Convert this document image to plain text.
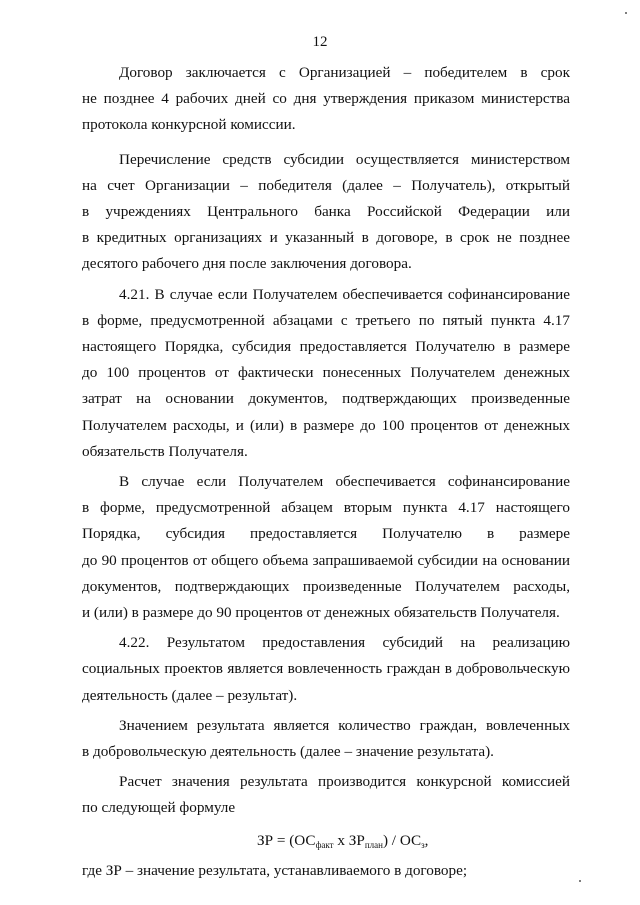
12

Договор заключается с Организацией – победителем в срок
не позднее 4 рабочих дней со дня утверждения приказом министерства
протокола конкурсной комиссии.

Перечисление средств субсидии осуществляется министерством
на счет Организации – победителя (далее – Получатель), открытый
в учреждениях Центрального банка Российской Федерации или
в кредитных организациях и указанный в договоре, в срок не позднее
десятого рабочего дня после заключения договора.

4.21. В случае если Получателем обеспечивается софинансирование
в форме, предусмотренной абзацами с третьего по пятый пункта 4.17
настоящего Порядка, субсидия предоставляется Получателю в размере
до 100 процентов от фактически понесенных Получателем денежных
затрат на основании документов, подтверждающих произведенные
Получателем расходы, и (или) в размере до 100 процентов от денежных
обязательств Получателя.

В случае если Получателем обеспечивается софинансирование
в форме, предусмотренной абзацем вторым пункта 4.17 настоящего
Порядка, субсидия предоставляется Получателю в размере
до 90 процентов от общего объема запрашиваемой субсидии на основании
документов, подтверждающих произведенные Получателем расходы,
и (или) в размере до 90 процентов от денежных обязательств Получателя.

4.22. Результатом предоставления субсидий на реализацию
социальных проектов является вовлеченность граждан в добровольческую
деятельность (далее – результат).

Значением результата является количество граждан, вовлеченных
в добровольческую деятельность (далее – значение результата).

Расчет значения результата производится конкурсной комиссией
по следующей формуле

ЗР = ($ОС_{факт}$ х $ЗР_{план}) / ОС_з$,

где ЗР – значение результата, устанавливаемого в договоре;
